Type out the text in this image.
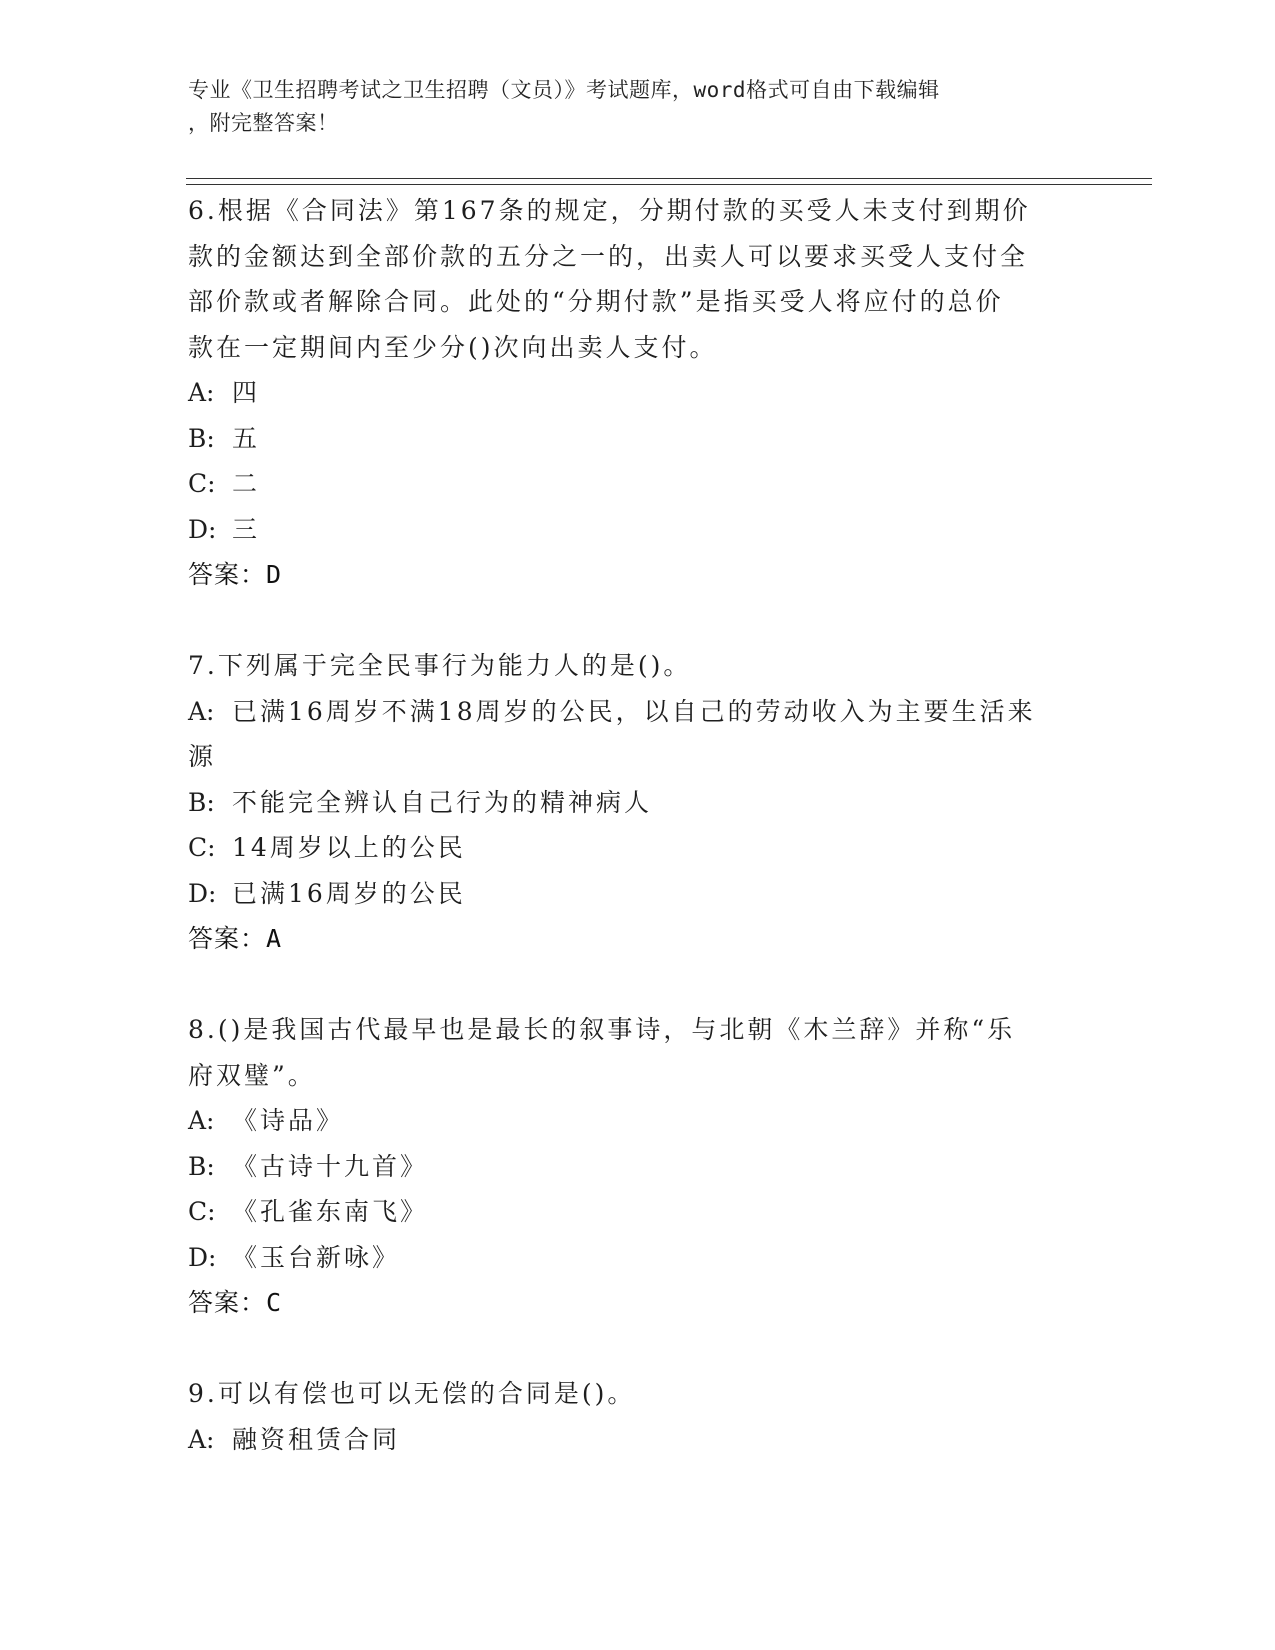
专业《卫生招聘考试之卫生招聘（文员）》考试题库，word格式可自由下载编辑
，附完整答案！
6.根据《合同法》第167条的规定，分期付款的买受人未支付到期价
款的金额达到全部价款的五分之一的，出卖人可以要求买受人支付全
部价款或者解除合同。此处的“分期付款”是指买受人将应付的总价
款在一定期间内至少分()次向出卖人支付。
A: 四
B: 五
C: 二
D: 三
答案：D
7.下列属于完全民事行为能力人的是()。
A: 已满16周岁不满18周岁的公民，以自己的劳动收入为主要生活来
源
B: 不能完全辨认自己行为的精神病人
C: 14周岁以上的公民
D: 已满16周岁的公民
答案：A
8.()是我国古代最早也是最长的叙事诗，与北朝《木兰辞》并称“乐
府双璧”。
A: 《诗品》
B: 《古诗十九首》
C: 《孔雀东南飞》
D: 《玉台新咏》
答案：C
9.可以有偿也可以无偿的合同是()。
A: 融资租赁合同
